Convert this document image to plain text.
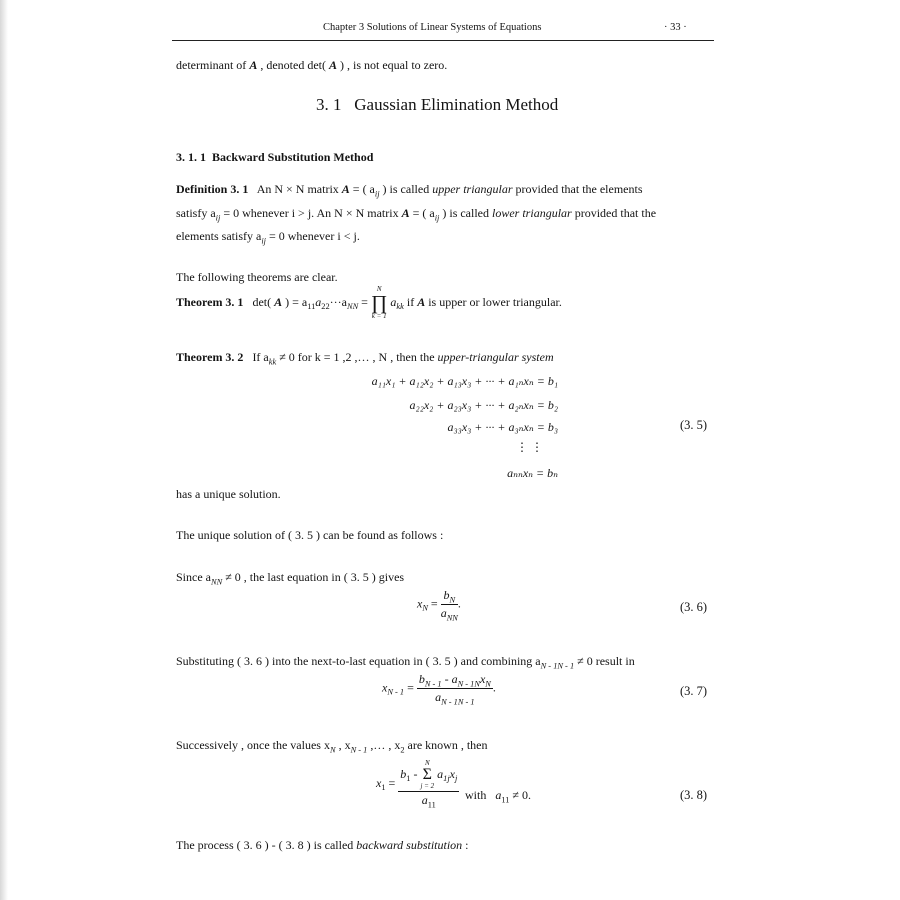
Chapter 3 Solutions of Linear Systems of Equations	· 33 ·
determinant of A , denoted det( A ) , is not equal to zero.
3. 1 Gaussian Elimination Method
3. 1. 1 Backward Substitution Method
Definition 3. 1 An N × N matrix A = ( $a_{ij}$ ) is called upper triangular provided that the elements
satisfy $a_{ij} = 0$ whenever i > j. An N × N matrix A = ( $a_{ij}$ ) is called lower triangular provided that the
elements satisfy $a_{ij} = 0$ whenever i < j.
The following theorems are clear.
Theorem 3. 1 det( A ) = $a_{11}a_{22}\cdot\cdot\cdot a_{NN}$ =
N
∏
k = 1
$a_{kk}$ if A is upper or lower triangular.
Theorem 3. 2 If $a_{kk} \ne 0$ for k = 1 ,2 ,… , N , then the upper-triangular system
a₁₁x₁ + a₁₂x₂ + a₁₃x₃ + ··· + a₁ₙxₙ = b₁
a₂₂x₂ + a₂₃x₃ + ··· + a₂ₙxₙ = b₂
a₃₃x₃ + ··· + a₃ₙxₙ = b₃
⋮ ⋮
aₙₙxₙ = bₙ
(3. 5)
has a unique solution.
The unique solution of ( 3. 5 ) can be found as follows :
Since $a_{NN} \ne 0$ , the last equation in ( 3. 5 ) gives
$x_N = \frac{b_N}{a_{NN}}$ .	(3. 6)
Substituting ( 3. 6 ) into the next-to-last equation in ( 3. 5 ) and combining $a_{N - 1N - 1} \ne 0$ result in
$x_{N - 1} = \frac{b_{N - 1} - a_{N - 1N}x_N}{a_{N - 1N - 1}}$ .	(3. 7)
Successively , once the values $x_N$ , $x_{N - 1}$ ,… , $x_2$ are known , then
$x_1$ =
$b_1$ -
N
Σ
j = 2
$a_{1j}x_j$
$a_{11}$
with $a_{11} \ne 0$.	(3. 8)
The process ( 3. 6 ) - ( 3. 8 ) is called backward substitution :
